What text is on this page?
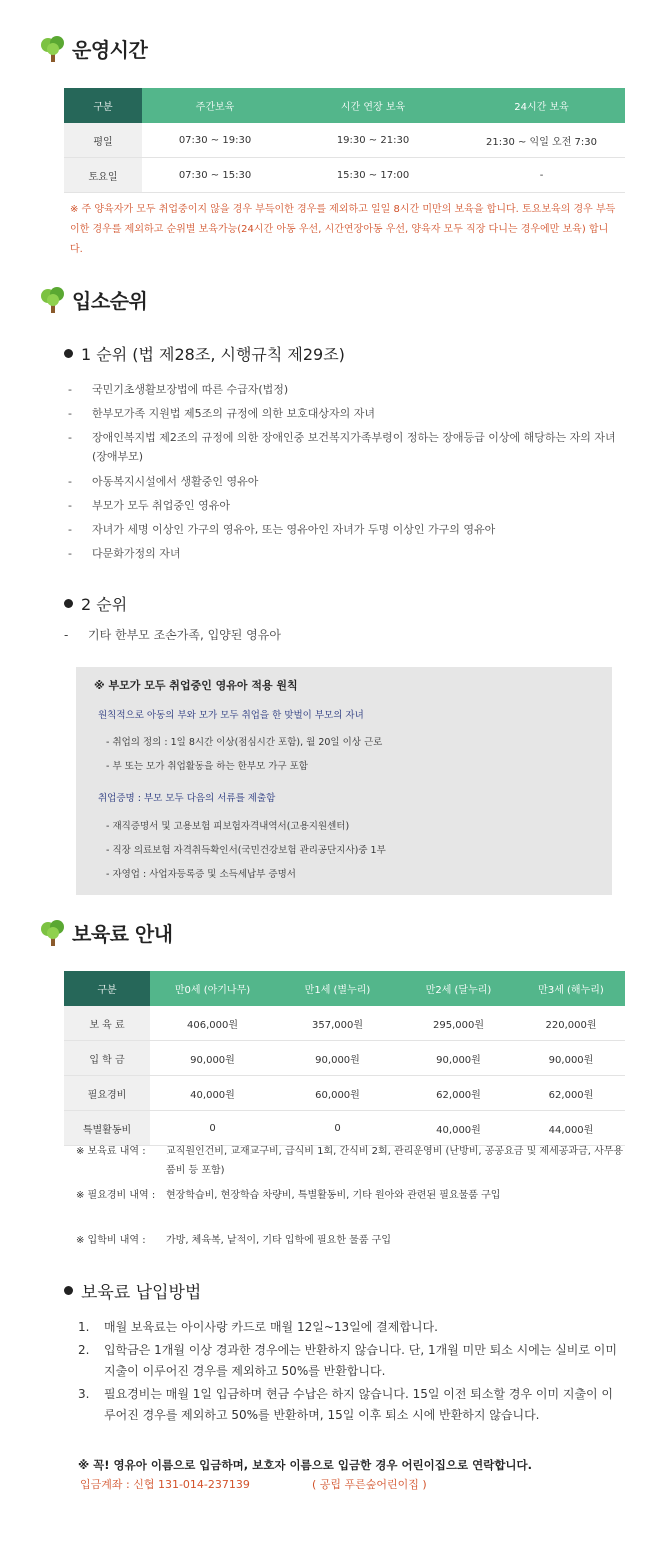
운영시간
구분	주간보육	시간 연장 보육	24시간 보육
평일	07:30 ~ 19:30	19:30 ~ 21:30	21:30 ~ 익일 오전 7:30
토요일	07:30 ~ 15:30	15:30 ~ 17:00	-
※ 주 양육자가 모두 취업중이지 않을 경우 부득이한 경우를 제외하고 일일 8시간 미만의 보육을 합니다. 토요보육의 경우 부득이한 경우를 제외하고 순위별 보육가능(24시간 아동 우선, 시간연장아동 우선, 양육자 모두 직장 다니는 경우에만 보육) 합니다.
입소순위
1 순위 (법 제28조, 시행규칙 제29조)
-	국민기초생활보장법에 따른 수급자(법정)
-	한부모가족 지원법 제5조의 규정에 의한 보호대상자의 자녀
-	장애인복지법 제2조의 규정에 의한 장애인중 보건복지가족부령이 정하는 장애등급 이상에 해당하는 자의 자녀(장애부모)
-	아동복지시설에서 생활중인 영유아
-	부모가 모두 취업중인 영유아
-	자녀가 세명 이상인 가구의 영유아, 또는 영유아인 자녀가 두명 이상인 가구의 영유아
-	다문화가정의 자녀
2 순위
-	기타 한부모 조손가족, 입양된 영유아
※ 부모가 모두 취업중인 영유아 적용 원칙
원칙적으로 아동의 부와 모가 모두 취업을 한 맞벌이 부모의 자녀
- 취업의 정의 : 1일 8시간 이상(점심시간 포함), 월 20일 이상 근로
- 부 또는 모가 취업활동을 하는 한부모 가구 포함
취업증명 : 부모 모두 다음의 서류를 제출함
- 재직증명서 및 고용보험 피보험자격내역서(고용지원센터)
- 직장 의료보험 자격취득확인서(국민건강보험 관리공단지사)중 1부
- 자영업 : 사업자등록증 및 소득세납부 증명서
보육료 안내
구분	만0세 (아기나무)	만1세 (별누리)	만2세 (달누리)	만3세 (해누리)
보 육 료	406,000원	357,000원	295,000원	220,000원
입 학 금	90,000원	90,000원	90,000원	90,000원
필요경비	40,000원	60,000원	62,000원	62,000원
특별활동비	0	0	40,000원	44,000원
※ 보육료 내역 :	교직원인건비, 교재교구비, 급식비 1회, 간식비 2회, 관리운영비 (난방비, 공공요금 및 제세공과금, 사무용품비 등 포함)
※ 필요경비 내역 :	현장학습비, 현장학습 차량비, 특별활동비, 기타 원아와 관련된 필요물품 구입
※ 입학비 내역 :	가방, 체육복, 낱적이, 기타 입학에 필요한 물품 구입
보육료 납입방법
1.	매월 보육료는 아이사랑 카드로 매월 12일~13일에 결제합니다.
2.	입학금은 1개월 이상 경과한 경우에는 반환하지 않습니다. 단, 1개월 미만 퇴소 시에는 실비로 이미 지출이 이루어진 경우를 제외하고 50%를 반환합니다.
3.	필요경비는 매월 1일 입금하며 현금 수납은 하지 않습니다. 15일 이전 퇴소할 경우 이미 지출이 이루어진 경우를 제외하고 50%를 반환하며, 15일 이후 퇴소 시에 반환하지 않습니다.
※ 꼭! 영유아 이름으로 입금하며, 보호자 이름으로 입금한 경우 어린이집으로 연락합니다.
입금계좌 : 신협 131-014-237139	( 공립 푸른숲어린이집 )
